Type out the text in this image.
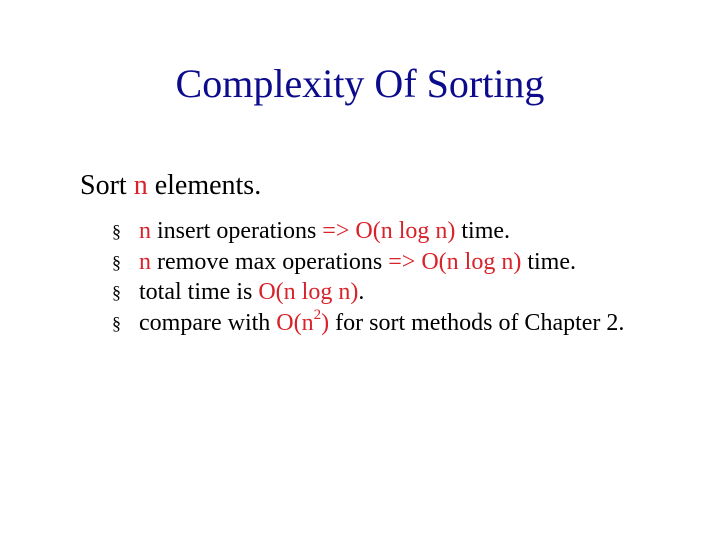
Complexity Of Sorting
Sort n elements.
§ n insert operations => O(n log n) time.
§ n remove max operations => O(n log n) time.
§ total time is O(n log n).
§ compare with $O(n^2)$ for sort methods of Chapter 2.
